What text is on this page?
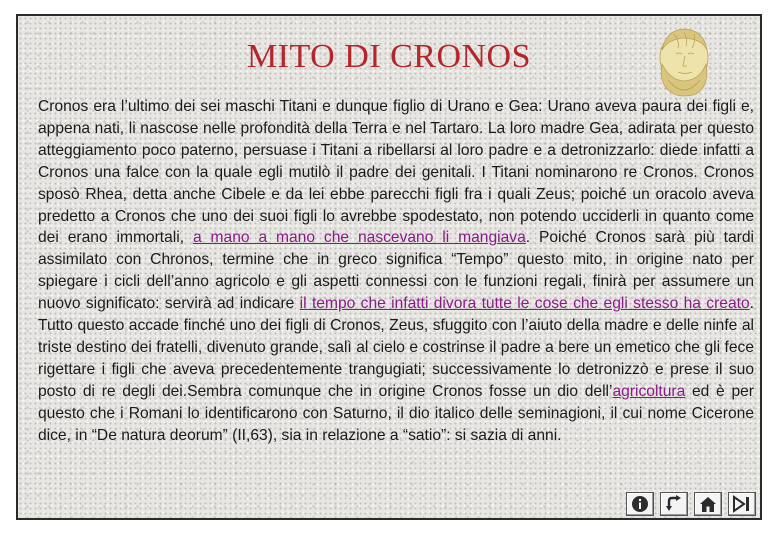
MITO DI CRONOS

Cronos era l’ultimo dei sei maschi Titani e dunque figlio di Urano e Gea: Urano aveva paura dei figli e, appena nati, li nascose nelle profondità della Terra e nel Tartaro. La loro madre Gea, adirata per questo atteggiamento poco paterno, persuase i Titani a ribellarsi al loro padre e a detronizzarlo: diede infatti a Cronos una falce con la quale egli mutilò il padre dei genitali. I Titani nominarono re Cronos. Cronos sposò Rhea, detta anche Cibele e da lei ebbe parecchi figli fra i quali Zeus; poiché un oracolo aveva predetto a Cronos che uno dei suoi figli lo avrebbe spodestato, non potendo ucciderli in quanto come dei erano immortali, a mano a mano che nascevano li mangiava. Poiché Cronos sarà più tardi assimilato con Chronos, termine che in greco significa “Tempo” questo mito, in origine nato per spiegare i cicli dell’anno agricolo e gli aspetti connessi con le funzioni regali, finirà per assumere un nuovo significato: servirà ad indicare il tempo che infatti divora tutte le cose che egli stesso ha creato. Tutto questo accade finché uno dei figli di Cronos, Zeus, sfuggito con l’aiuto della madre e delle ninfe al triste destino dei fratelli, divenuto grande, salì al cielo e costrinse il padre a bere un emetico che gli fece rigettare i figli che aveva precedentemente trangugiati; successivamente lo detronizzò e prese il suo posto di re degli dei.Sembra comunque che in origine Cronos fosse un dio dell’agricoltura ed è per questo che i Romani lo identificarono con Saturno, il dio italico delle seminagioni, il cui nome Cicerone dice, in “De natura deorum” (II,63), sia in relazione a “satio”: si sazia di anni.
